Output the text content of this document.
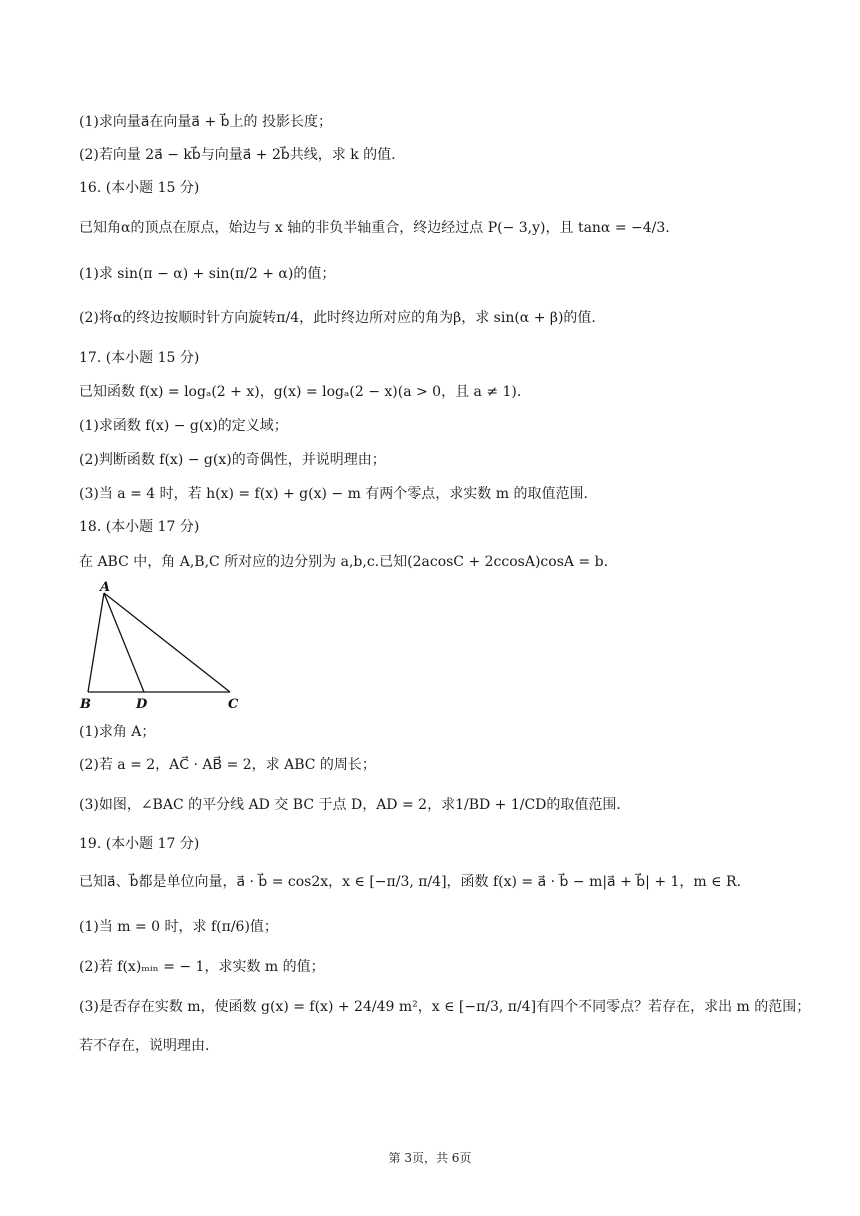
(1)求向量a⃗在向量a⃗ + b⃗上的 投影长度；
(2)若向量 2a⃗ − kb⃗与向量a⃗ + 2b⃗共线，求 k 的值.
16. (本小题 15 分)
已知角α的顶点在原点，始边与 x 轴的非负半轴重合，终边经过点 P(− 3,y)，且 tanα = −4/3.
(1)求 sin(π − α) + sin(π/2 + α)的值；
(2)将α的终边按顺时针方向旋转π/4，此时终边所对应的角为β，求 sin(α + β)的值.
17. (本小题 15 分)
已知函数 f(x) = logₐ(2 + x)，g(x) = logₐ(2 − x)(a > 0，且 a ≠ 1).
(1)求函数 f(x) − g(x)的定义域；
(2)判断函数 f(x) − g(x)的奇偶性，并说明理由；
(3)当 a = 4 时，若 h(x) = f(x) + g(x) − m 有两个零点，求实数 m 的取值范围.
18. (本小题 17 分)
在 ABC 中，角 A,B,C 所对应的边分别为 a,b,c.已知(2acosC + 2ccosA)cosA = b.
A
B	D	C
(1)求角 A；
(2)若 a = 2，AC⃗ · AB⃗ = 2，求 ABC 的周长；
(3)如图，∠BAC 的平分线 AD 交 BC 于点 D，AD = 2，求1/BD + 1/CD的取值范围.
19. (本小题 17 分)
已知a⃗、b⃗都是单位向量，a⃗ · b⃗ = cos2x，x ∈ [−π/3, π/4]，函数 f(x) = a⃗ · b⃗ − m|a⃗ + b⃗| + 1，m ∈ R.
(1)当 m = 0 时，求 f(π/6)值；
(2)若 f(x)ₘᵢₙ = − 1，求实数 m 的值；
(3)是否存在实数 m，使函数 g(x) = f(x) + 24/49 m²，x ∈ [−π/3, π/4]有四个不同零点？若存在，求出 m 的范围；
若不存在，说明理由.
第 3页，共 6页
